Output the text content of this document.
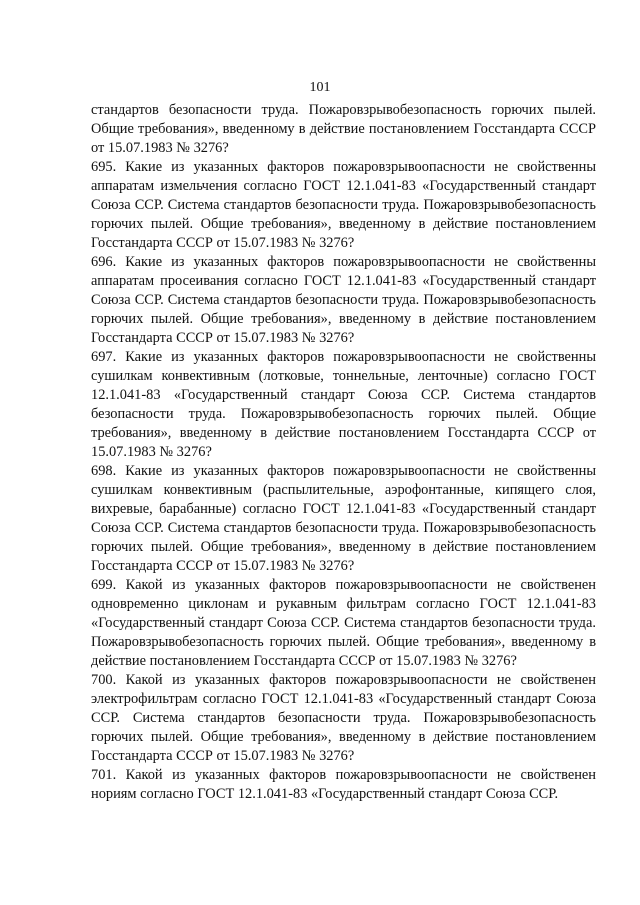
101

стандартов безопасности труда. Пожаровзрывобезопасность горючих пылей. Общие требования», введенному в действие постановлением Госстандарта СССР от 15.07.1983 № 3276?

695. Какие из указанных факторов пожаровзрывоопасности не свойственны аппаратам измельчения согласно ГОСТ 12.1.041-83 «Государственный стандарт Союза ССР. Система стандартов безопасности труда. Пожаровзрывобезопасность горючих пылей. Общие требования», введенному в действие постановлением Госстандарта СССР от 15.07.1983 № 3276?

696. Какие из указанных факторов пожаровзрывоопасности не свойственны аппаратам просеивания согласно ГОСТ 12.1.041-83 «Государственный стандарт Союза ССР. Система стандартов безопасности труда. Пожаровзрывобезопасность горючих пылей. Общие требования», введенному в действие постановлением Госстандарта СССР от 15.07.1983 № 3276?

697. Какие из указанных факторов пожаровзрывоопасности не свойственны сушилкам конвективным (лотковые, тоннельные, ленточные) согласно ГОСТ 12.1.041-83 «Государственный стандарт Союза ССР. Система стандартов безопасности труда. Пожаровзрывобезопасность горючих пылей. Общие требования», введенному в действие постановлением Госстандарта СССР от 15.07.1983 № 3276?

698. Какие из указанных факторов пожаровзрывоопасности не свойственны сушилкам конвективным (распылительные, аэрофонтанные, кипящего слоя, вихревые, барабанные) согласно ГОСТ 12.1.041-83 «Государственный стандарт Союза ССР. Система стандартов безопасности труда. Пожаровзрывобезопасность горючих пылей. Общие требования», введенному в действие постановлением Госстандарта СССР от 15.07.1983 № 3276?

699. Какой из указанных факторов пожаровзрывоопасности не свойственен одновременно циклонам и рукавным фильтрам согласно ГОСТ 12.1.041-83 «Государственный стандарт Союза ССР. Система стандартов безопасности труда. Пожаровзрывобезопасность горючих пылей. Общие требования», введенному в действие постановлением Госстандарта СССР от 15.07.1983 № 3276?

700. Какой из указанных факторов пожаровзрывоопасности не свойственен электрофильтрам согласно ГОСТ 12.1.041-83 «Государственный стандарт Союза ССР. Система стандартов безопасности труда. Пожаровзрывобезопасность горючих пылей. Общие требования», введенному в действие постановлением Госстандарта СССР от 15.07.1983 № 3276?

701. Какой из указанных факторов пожаровзрывоопасности не свойственен нориям согласно ГОСТ 12.1.041-83 «Государственный стандарт Союза ССР.
